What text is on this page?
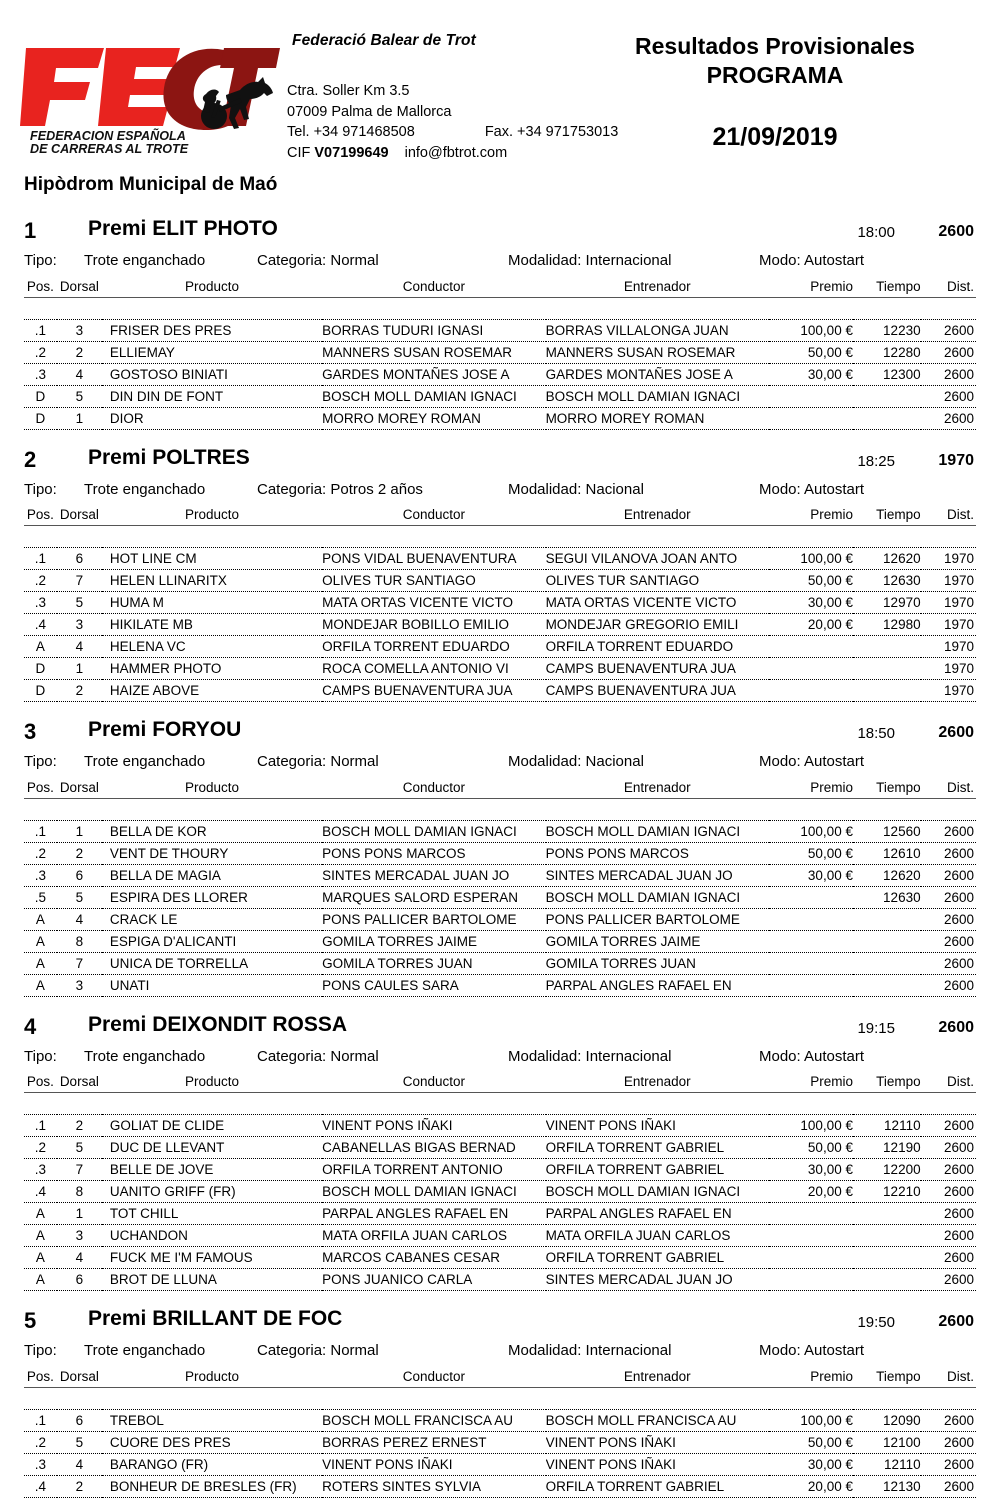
FEDERACION ESPAÑOLA
DE CARRERAS AL TROTE
Federació Balear de Trot
Ctra. Soller Km 3.5
07009 Palma de Mallorca
Tel. +34 971468508	Fax. +34 971753013
CIF V07199649 info@fbtrot.com
Resultados Provisionales
PROGRAMA
21/09/2019
Hipòdrom Municipal de Maó
1 Premi ELIT PHOTO	18:00	2600
Tipo: Trote enganchado	Categoria: Normal	Modalidad: Internacional	Modo: Autostart
Pos.	Dorsal	Producto	Conductor	Entrenador	Premio	Tiempo	Dist.

.1	3	FRISER DES PRES	BORRAS TUDURI IGNASI	BORRAS VILLALONGA JUAN	100,00 €	12230	2600
.2	2	ELLIEMAY	MANNERS SUSAN ROSEMAR	MANNERS SUSAN ROSEMAR	50,00 €	12280	2600
.3	4	GOSTOSO BINIATI	GARDES MONTAÑES JOSE A	GARDES MONTAÑES JOSE A	30,00 €	12300	2600
D	5	DIN DIN DE FONT	BOSCH MOLL DAMIAN IGNACI	BOSCH MOLL DAMIAN IGNACI			2600
D	1	DIOR	MORRO MOREY ROMAN	MORRO MOREY ROMAN			2600
2 Premi POLTRES	18:25	1970
Tipo: Trote enganchado	Categoria: Potros 2 años	Modalidad: Nacional	Modo: Autostart
Pos.	Dorsal	Producto	Conductor	Entrenador	Premio	Tiempo	Dist.

.1	6	HOT LINE CM	PONS VIDAL BUENAVENTURA	SEGUI VILANOVA JOAN ANTO	100,00 €	12620	1970
.2	7	HELEN LLINARITX	OLIVES TUR SANTIAGO	OLIVES TUR SANTIAGO	50,00 €	12630	1970
.3	5	HUMA M	MATA ORTAS VICENTE VICTO	MATA ORTAS VICENTE VICTO	30,00 €	12970	1970
.4	3	HIKILATE MB	MONDEJAR BOBILLO EMILIO	MONDEJAR GREGORIO EMILI	20,00 €	12980	1970
A	4	HELENA VC	ORFILA TORRENT EDUARDO	ORFILA TORRENT EDUARDO			1970
D	1	HAMMER PHOTO	ROCA COMELLA ANTONIO VI	CAMPS BUENAVENTURA JUA			1970
D	2	HAIZE ABOVE	CAMPS BUENAVENTURA JUA	CAMPS BUENAVENTURA JUA			1970
3 Premi FORYOU	18:50	2600
Tipo: Trote enganchado	Categoria: Normal	Modalidad: Nacional	Modo: Autostart
Pos.	Dorsal	Producto	Conductor	Entrenador	Premio	Tiempo	Dist.

.1	1	BELLA DE KOR	BOSCH MOLL DAMIAN IGNACI	BOSCH MOLL DAMIAN IGNACI	100,00 €	12560	2600
.2	2	VENT DE THOURY	PONS PONS MARCOS	PONS PONS MARCOS	50,00 €	12610	2600
.3	6	BELLA DE MAGIA	SINTES MERCADAL JUAN JO	SINTES MERCADAL JUAN JO	30,00 €	12620	2600
.5	5	ESPIRA DES LLORER	MARQUES SALORD ESPERAN	BOSCH MOLL DAMIAN IGNACI		12630	2600
A	4	CRACK LE	PONS PALLICER BARTOLOME	PONS PALLICER BARTOLOME			2600
A	8	ESPIGA D'ALICANTI	GOMILA TORRES JAIME	GOMILA TORRES JAIME			2600
A	7	UNICA DE TORRELLA	GOMILA TORRES JUAN	GOMILA TORRES JUAN			2600
A	3	UNATI	PONS CAULES SARA	PARPAL ANGLES RAFAEL EN			2600
4 Premi DEIXONDIT ROSSA	19:15	2600
Tipo: Trote enganchado	Categoria: Normal	Modalidad: Internacional	Modo: Autostart
Pos.	Dorsal	Producto	Conductor	Entrenador	Premio	Tiempo	Dist.

.1	2	GOLIAT DE CLIDE	VINENT PONS IÑAKI	VINENT PONS IÑAKI	100,00 €	12110	2600
.2	5	DUC DE LLEVANT	CABANELLAS BIGAS BERNAD	ORFILA TORRENT GABRIEL	50,00 €	12190	2600
.3	7	BELLE DE JOVE	ORFILA TORRENT ANTONIO	ORFILA TORRENT GABRIEL	30,00 €	12200	2600
.4	8	UANITO GRIFF (FR)	BOSCH MOLL DAMIAN IGNACI	BOSCH MOLL DAMIAN IGNACI	20,00 €	12210	2600
A	1	TOT CHILL	PARPAL ANGLES RAFAEL EN	PARPAL ANGLES RAFAEL EN			2600
A	3	UCHANDON	MATA ORFILA JUAN CARLOS	MATA ORFILA JUAN CARLOS			2600
A	4	FUCK ME I'M FAMOUS	MARCOS CABANES CESAR	ORFILA TORRENT GABRIEL			2600
A	6	BROT DE LLUNA	PONS JUANICO CARLA	SINTES MERCADAL JUAN JO			2600
5 Premi BRILLANT DE FOC	19:50	2600
Tipo: Trote enganchado	Categoria: Normal	Modalidad: Internacional	Modo: Autostart
Pos.	Dorsal	Producto	Conductor	Entrenador	Premio	Tiempo	Dist.

.1	6	TREBOL	BOSCH MOLL FRANCISCA AU	BOSCH MOLL FRANCISCA AU	100,00 €	12090	2600
.2	5	CUORE DES PRES	BORRAS PEREZ ERNEST	VINENT PONS IÑAKI	50,00 €	12100	2600
.3	4	BARANGO (FR)	VINENT PONS IÑAKI	VINENT PONS IÑAKI	30,00 €	12110	2600
.4	2	BONHEUR DE BRESLES (FR)	ROTERS SINTES SYLVIA	ORFILA TORRENT GABRIEL	20,00 €	12130	2600
